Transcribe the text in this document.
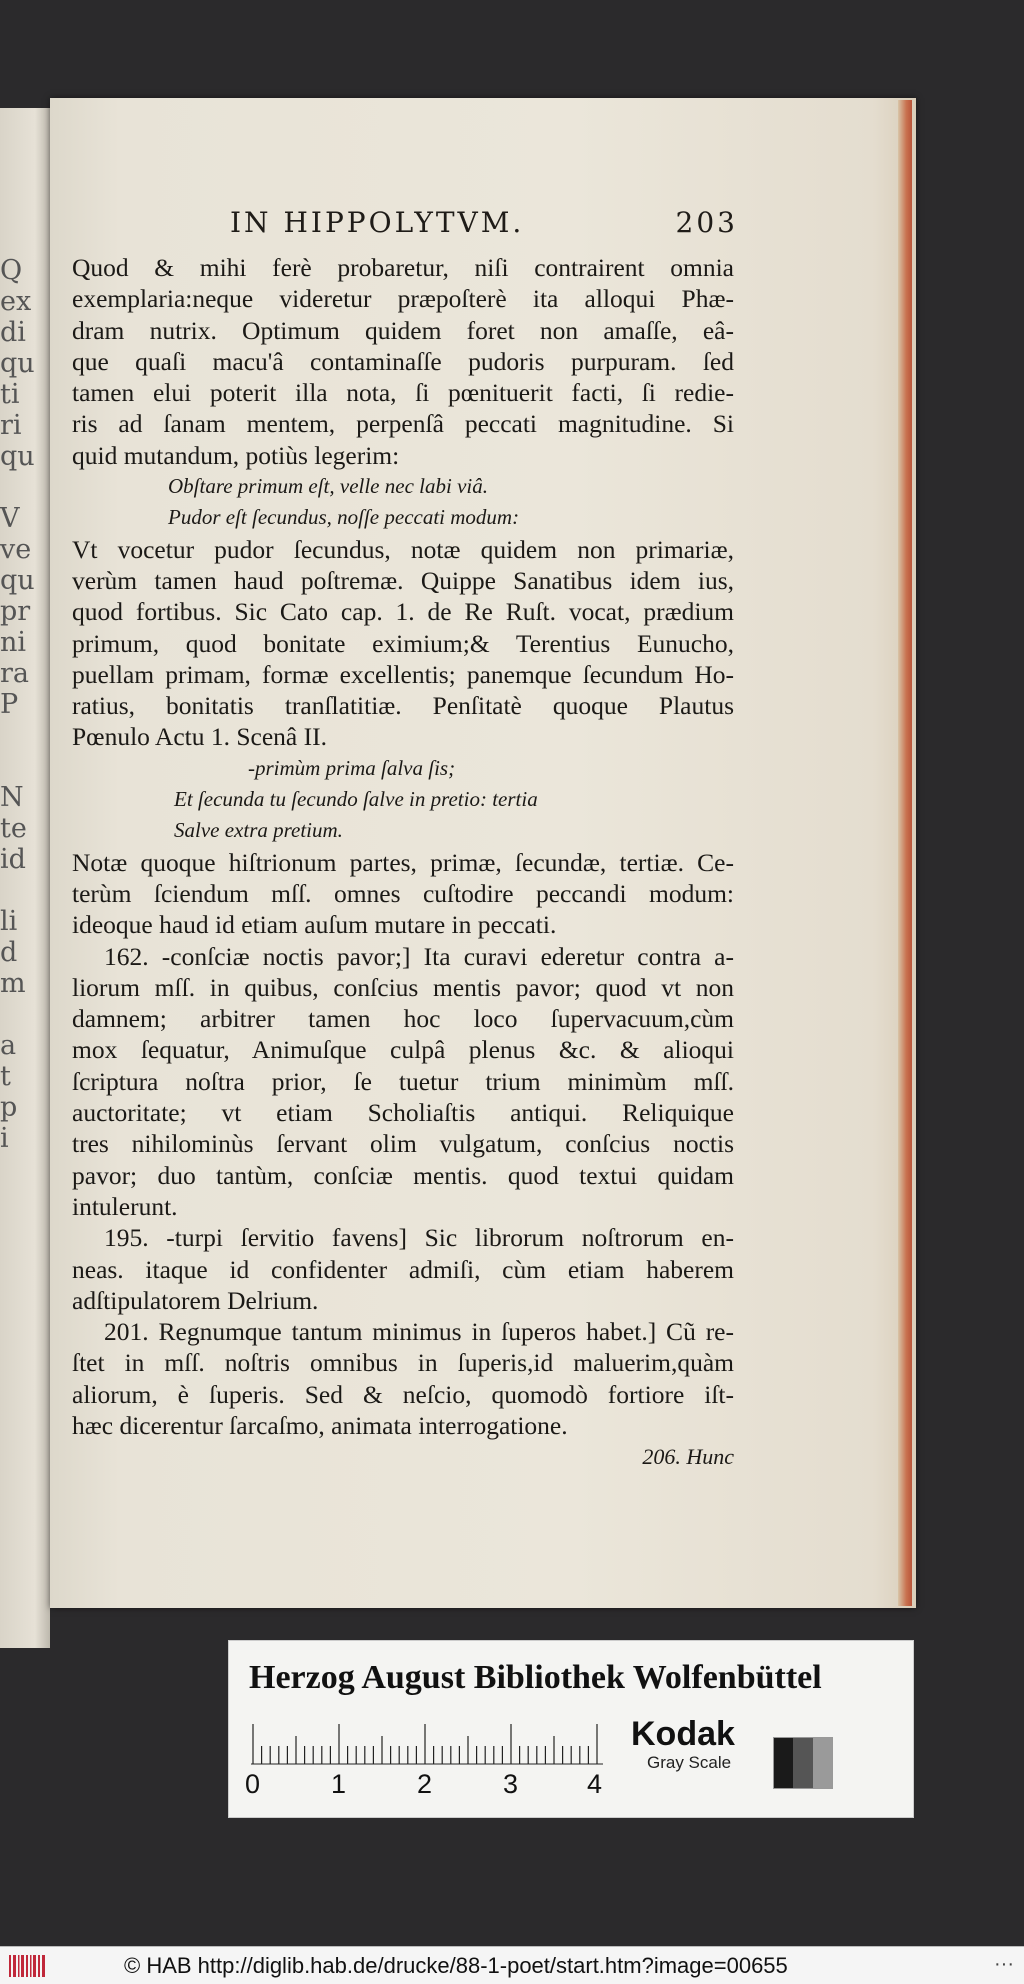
Q
ex
di
qu
ti
ri
qu

V
ve
qu
pr
ni
ra
P

N
te
id

li
d
m

a
t
p
i
IN HIPPOLYTVM.	203
Quod & mihi ferè probaretur, niſi contrairent omnia
exemplaria:neque videretur præpoſterè ita alloqui Phæ-
dram nutrix. Optimum quidem foret non amaſſe, eâ-
que quaſi macu'â contaminaſſe pudoris purpuram. ſed
tamen elui poterit illa nota, ſi pœnituerit facti, ſi redie-
ris ad ſanam mentem, perpenſâ peccati magnitudine. Si
quid mutandum, potiùs legerim:
Obſtare primum eſt, velle nec labi viâ.
Pudor eſt ſecundus, noſſe peccati modum:
Vt vocetur pudor ſecundus, notæ quidem non primariæ,
verùm tamen haud poſtremæ. Quippe Sanatibus idem ius,
quod fortibus. Sic Cato cap. 1. de Re Ruſt. vocat, prædium
primum, quod bonitate eximium;& Terentius Eunucho,
puellam primam, formæ excellentis; panemque ſecundum Ho-
ratius, bonitatis tranſlatitiæ. Penſitatè quoque Plautus
Pœnulo Actu 1. Scenâ II.
-primùm prima ſalva ſis;
Et ſecunda tu ſecundo ſalve in pretio: tertia
Salve extra pretium.
Notæ quoque hiſtrionum partes, primæ, ſecundæ, tertiæ. Ce-
terùm ſciendum mſſ. omnes cuſtodire peccandi modum:
ideoque haud id etiam auſum mutare in peccati.
162. -conſciæ noctis pavor;] Ita curavi ederetur contra a-
liorum mſſ. in quibus, conſcius mentis pavor; quod vt non
damnem; arbitrer tamen hoc loco ſupervacuum,cùm
mox ſequatur, Animuſque culpâ plenus &c. & alioqui
ſcriptura noſtra prior, ſe tuetur trium minimùm mſſ.
auctoritate; vt etiam Scholiaſtis antiqui. Reliquique
tres nihilominùs ſervant olim vulgatum, conſcius noctis
pavor; duo tantùm, conſciæ mentis. quod textui quidam
intulerunt.
195. -turpi ſervitio favens] Sic librorum noſtrorum en-
neas. itaque id confidenter admiſi, cùm etiam haberem
adſtipulatorem Delrium.
201. Regnumque tantum minimus in ſuperos habet.] Cũ re-
ſtet in mſſ. noſtris omnibus in ſuperis,id maluerim,quàm
aliorum, è ſuperis. Sed & neſcio, quomodò fortiore iſt-
hæc dicerentur ſarcaſmo, animata interrogatione.
206. Hunc
Herzog August Bibliothek Wolfenbüttel
0	1	2	3	4
Kodak
Gray Scale
© HAB http://diglib.hab.de/drucke/88-1-poet/start.htm?image=00655	···
